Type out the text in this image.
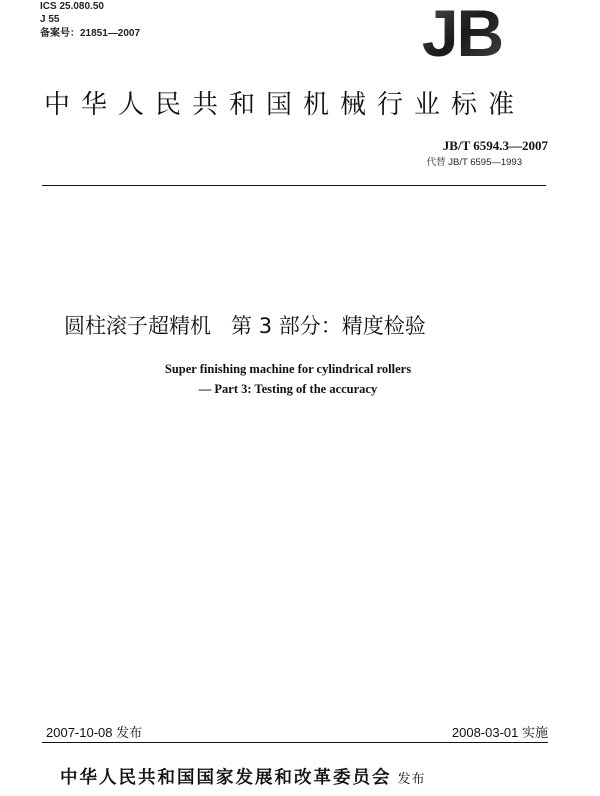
ICS 25.080.50
J 55
备案号：21851—2007	JB
中华人民共和国机械行业标准
JB/T 6594.3—2007
代替 JB/T 6595—1993
圆柱滚子超精机   第 3 部分：精度检验
Super finishing machine for cylindrical rollers
— Part 3: Testing of the accuracy
2007-10-08 发布	2008-03-01 实施
中华人民共和国国家发展和改革委员会 发布
